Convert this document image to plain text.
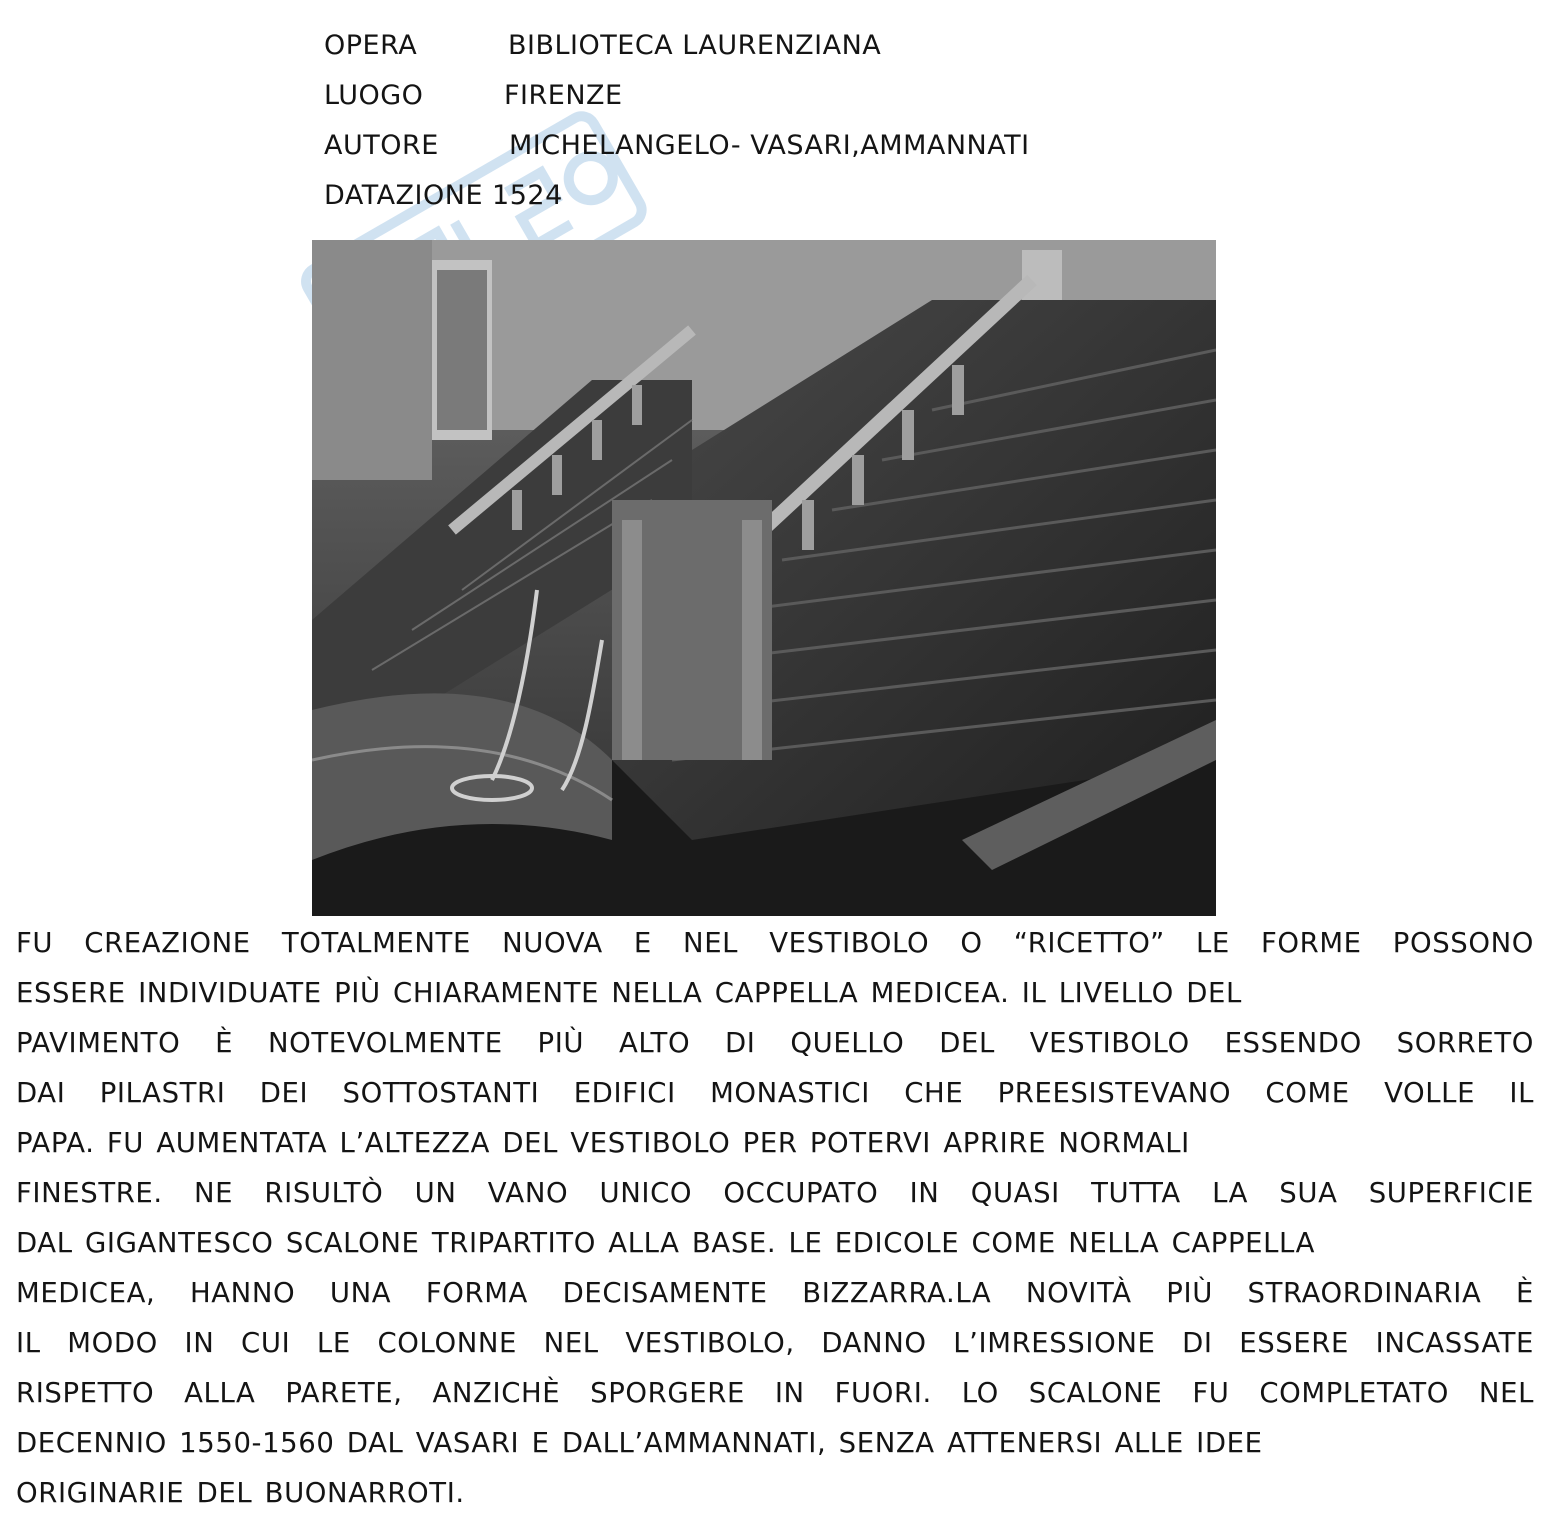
OPERA	BIBLIOTECA LAURENZIANA
LUOGO	FIRENZE
AUTORE	MICHELANGELO- VASARI,AMMANNATI
DATAZIONE 1524
FU CREAZIONE TOTALMENTE NUOVA E NEL VESTIBOLO O “RICETTO” LE FORME POSSONO
ESSERE INDIVIDUATE PIÙ CHIARAMENTE NELLA CAPPELLA MEDICEA. IL LIVELLO DEL
PAVIMENTO È NOTEVOLMENTE PIÙ ALTO DI QUELLO DEL VESTIBOLO ESSENDO SORRETO
DAI PILASTRI DEI SOTTOSTANTI EDIFICI MONASTICI CHE PREESISTEVANO COME VOLLE IL
PAPA. FU AUMENTATA L’ALTEZZA DEL VESTIBOLO PER POTERVI APRIRE NORMALI
FINESTRE. NE RISULTÒ UN VANO UNICO OCCUPATO IN QUASI TUTTA LA SUA SUPERFICIE
DAL GIGANTESCO SCALONE TRIPARTITO ALLA BASE. LE EDICOLE COME NELLA CAPPELLA
MEDICEA, HANNO UNA FORMA DECISAMENTE BIZZARRA.LA NOVITÀ PIÙ STRAORDINARIA È
IL MODO IN CUI LE COLONNE NEL VESTIBOLO, DANNO L’IMRESSIONE DI ESSERE INCASSATE
RISPETTO ALLA PARETE, ANZICHÈ SPORGERE IN FUORI. LO SCALONE FU COMPLETATO NEL
DECENNIO 1550-1560 DAL VASARI E DALL’AMMANNATI, SENZA ATTENERSI ALLE IDEE
ORIGINARIE DEL BUONARROTI.
